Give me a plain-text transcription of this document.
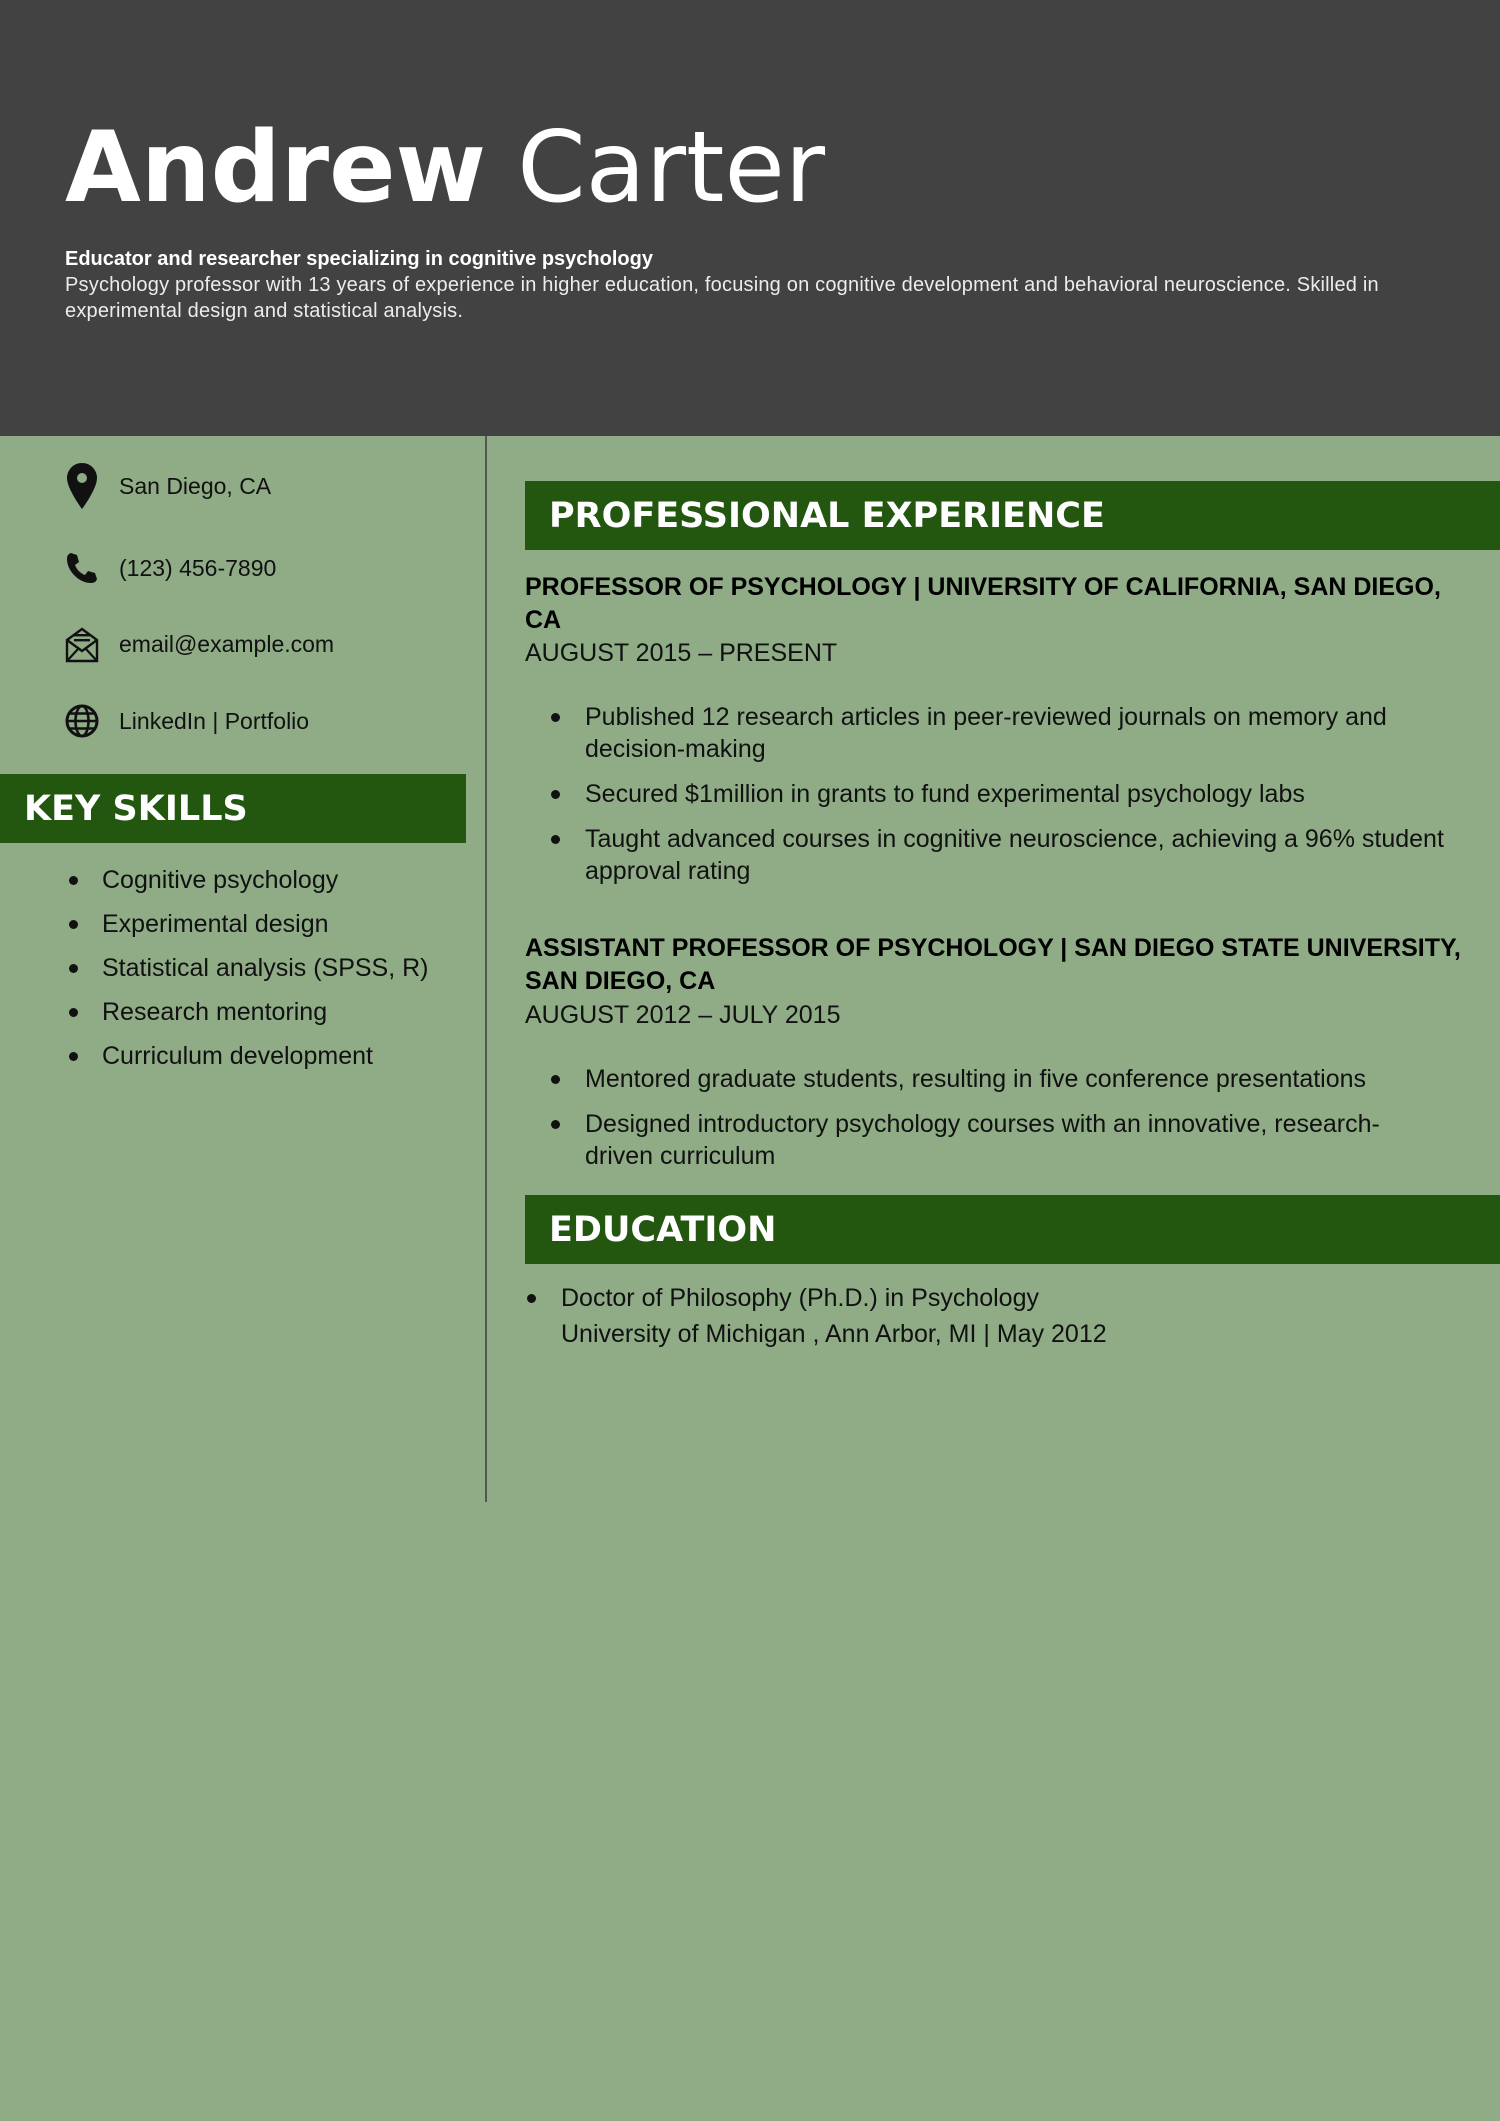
Andrew Carter
Educator and researcher specializing in cognitive psychology
Psychology professor with 13 years of experience in higher education, focusing on cognitive development and behavioral neuroscience. Skilled in experimental design and statistical analysis.
San Diego, CA
(123) 456-7890
email@example.com
LinkedIn | Portfolio
KEY SKILLS
Cognitive psychology
Experimental design
Statistical analysis (SPSS, R)
Research mentoring
Curriculum development
PROFESSIONAL EXPERIENCE
PROFESSOR OF PSYCHOLOGY | UNIVERSITY OF CALIFORNIA, SAN DIEGO, CA
AUGUST 2015 – PRESENT
Published 12 research articles in peer-reviewed journals on memory and decision-making
Secured $1million in grants to fund experimental psychology labs
Taught advanced courses in cognitive neuroscience, achieving a 96% student approval rating
ASSISTANT PROFESSOR OF PSYCHOLOGY | SAN DIEGO STATE UNIVERSITY, SAN DIEGO, CA
AUGUST 2012 – JULY 2015
Mentored graduate students, resulting in five conference presentations
Designed introductory psychology courses with an innovative, research-driven curriculum
EDUCATION
Doctor of Philosophy (Ph.D.) in Psychology
University of Michigan , Ann Arbor, MI | May 2012
